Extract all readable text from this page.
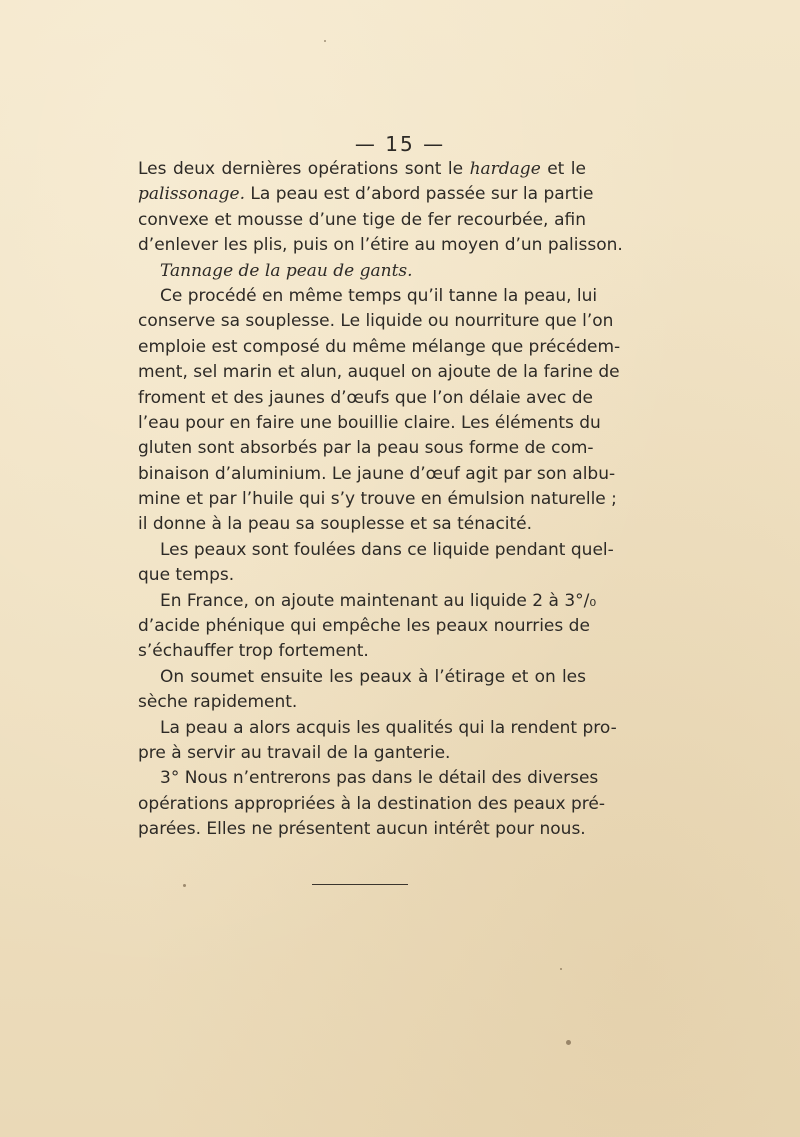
— 15 —
Les deux dernières opérations sont le hardage et le
palissonage. La peau est d’abord passée sur la partie
convexe et mousse d’une tige de fer recourbée, afin
d’enlever les plis, puis on l’étire au moyen d’un palisson.
Tannage de la peau de gants.
Ce procédé en même temps qu’il tanne la peau, lui
conserve sa souplesse. Le liquide ou nourriture que l’on
emploie est composé du même mélange que précédem-
ment, sel marin et alun, auquel on ajoute de la farine de
froment et des jaunes d’œufs que l’on délaie avec de
l’eau pour en faire une bouillie claire. Les éléments du
gluten sont absorbés par la peau sous forme de com-
binaison d’aluminium. Le jaune d’œuf agit par son albu-
mine et par l’huile qui s’y trouve en émulsion naturelle ;
il donne à la peau sa souplesse et sa ténacité.
Les peaux sont foulées dans ce liquide pendant quel-
que temps.
En France, on ajoute maintenant au liquide 2 à 3°/₀
d’acide phénique qui empêche les peaux nourries de
s’échauffer trop fortement.
On soumet ensuite les peaux à l’étirage et on les
sèche rapidement.
La peau a alors acquis les qualités qui la rendent pro-
pre à servir au travail de la ganterie.
3° Nous n’entrerons pas dans le détail des diverses
opérations appropriées à la destination des peaux pré-
parées. Elles ne présentent aucun intérêt pour nous.
